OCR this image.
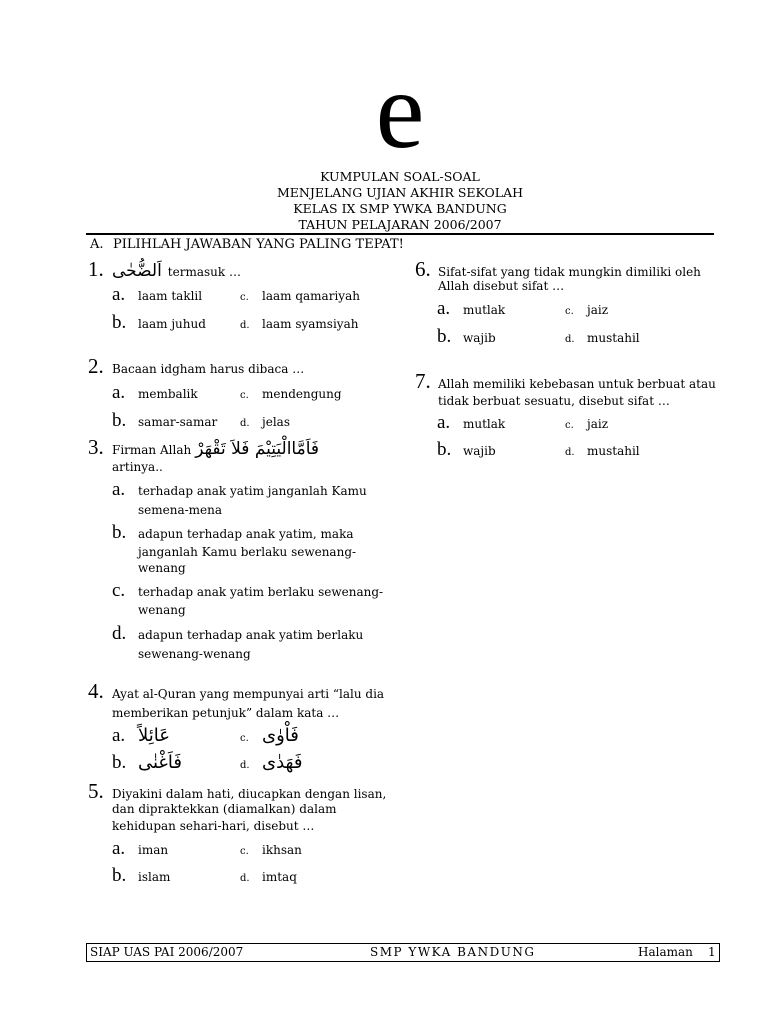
e
KUMPULAN SOAL-SOAL
MENJELANG UJIAN AKHIR SEKOLAH
KELAS IX SMP YWKA BANDUNG
TAHUN PELAJARAN 2006/2007
A. PILIHLAH JAWABAN YANG PALING TEPAT!
1. اَلضُّحٰى termasuk …
a.	laam taklil	c.	laam qamariyah
b. laam juhud	d.	laam syamsiyah
2. Bacaan idgham harus dibaca …
a.	membalik	c.	mendengung
b. samar-samar	d.	jelas
3. Firman Allah فَاَمَّاالْيَتِيْمَ فَلاَ تَقْهَرْ
artinya..
a.	terhadap anak yatim janganlah Kamu
semena-mena
b. adapun terhadap anak yatim, maka
janganlah Kamu berlaku sewenang-
wenang
c.	terhadap anak yatim berlaku sewenang-
wenang
d. adapun terhadap anak yatim berlaku
sewenang-wenang
4. Ayat al-Quran yang mempunyai arti “lalu dia
memberikan petunjuk” dalam kata …
a. عَائِلاً	c. فَاْوٰى
b. فَاَغْنٰى	d. فَهَدٰى
5. Diyakini dalam hati, diucapkan dengan lisan,
dan dipraktekkan (diamalkan) dalam
kehidupan sehari-hari, disebut …
a.	iman	c.	ikhsan
b. islam	d.	imtaq
6. Sifat-sifat yang tidak mungkin dimiliki oleh
Allah disebut sifat …
a.	mutlak	c.	jaiz
b. wajib	d.	mustahil
7. Allah memiliki kebebasan untuk berbuat atau
tidak berbuat sesuatu, disebut sifat …
a.	mutlak	c.	jaiz
b. wajib	d.	mustahil
SIAP UAS PAI 2006/2007	SMP YWKA BANDUNG	Halaman 1
